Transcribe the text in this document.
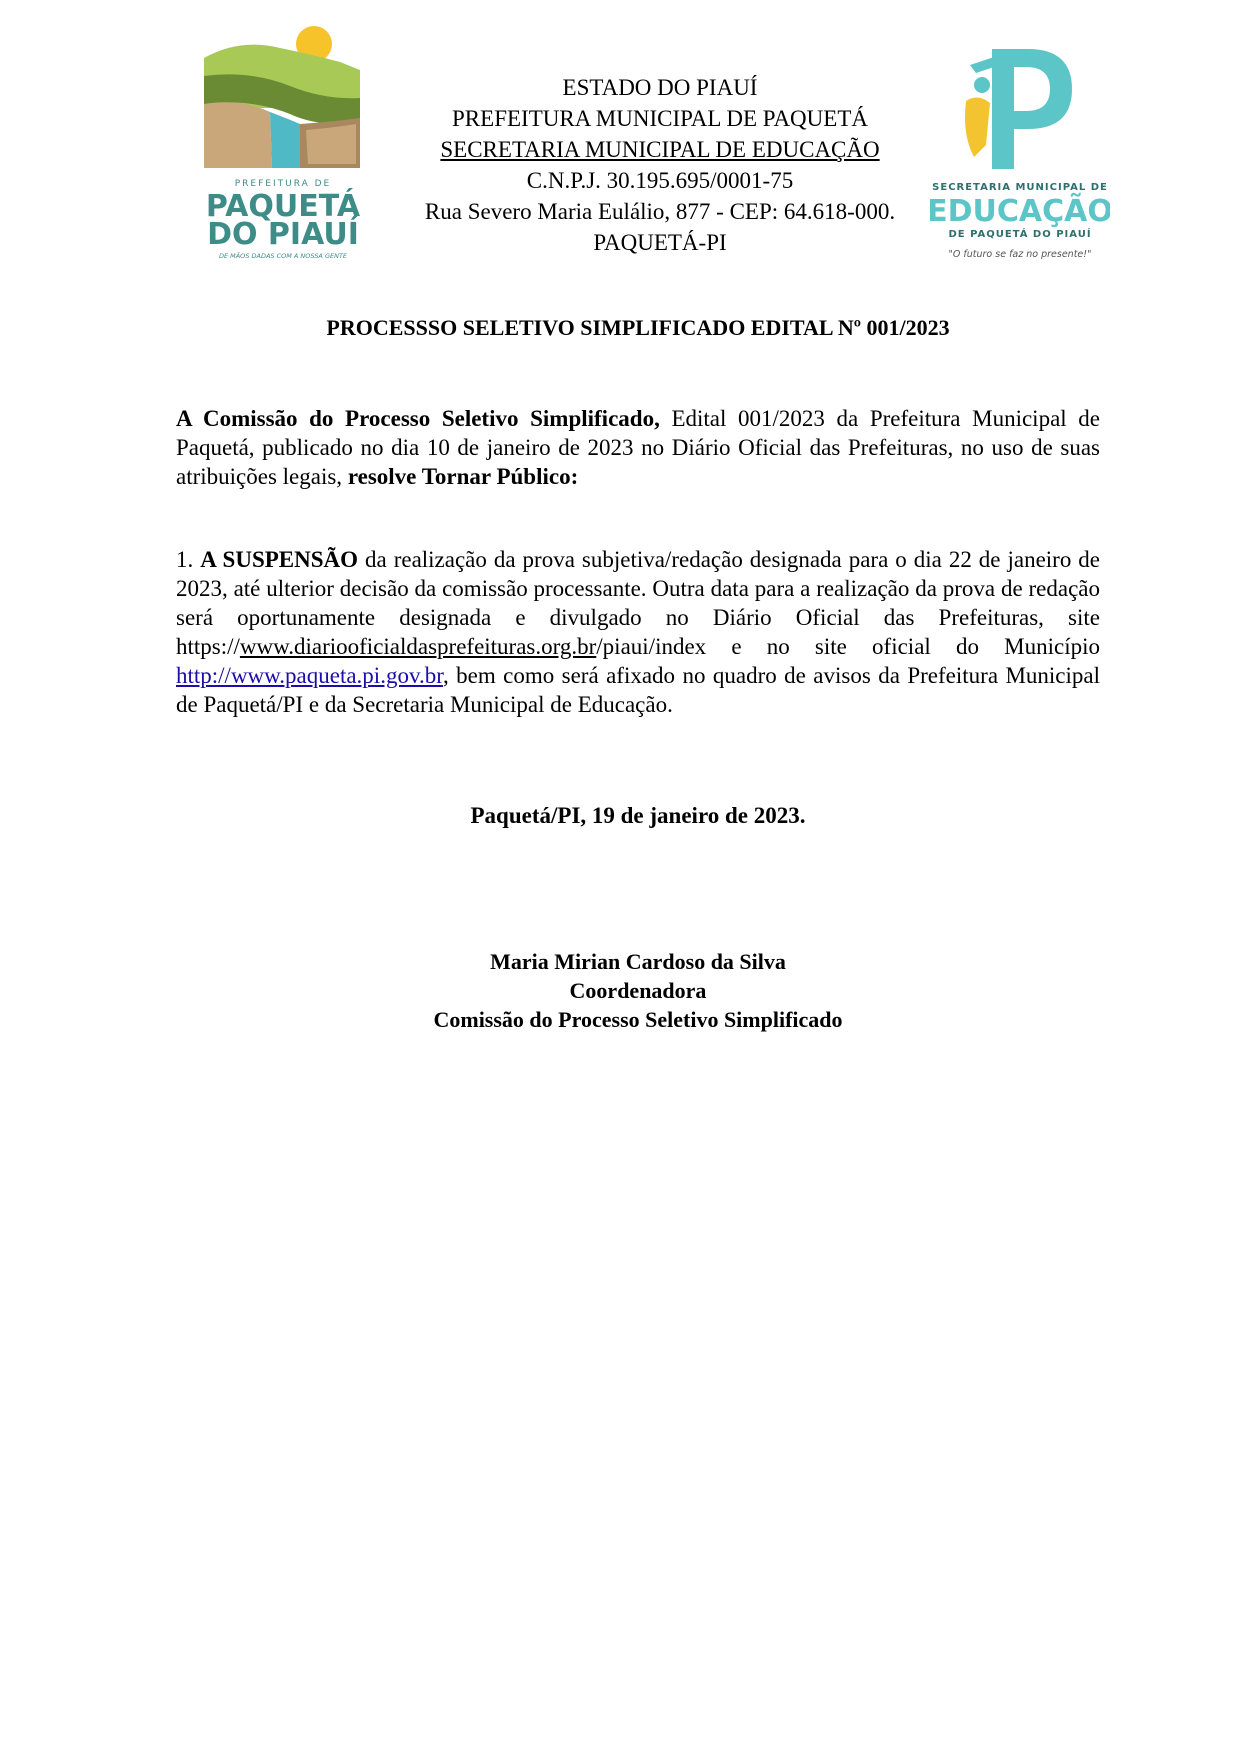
PREFEITURA DE
PAQUETÁ
DO PIAUÍ
DE MÃOS DADAS COM A NOSSA GENTE
ESTADO DO PIAUÍ
PREFEITURA MUNICIPAL DE PAQUETÁ
SECRETARIA MUNICIPAL DE EDUCAÇÃO
C.N.P.J. 30.195.695/0001-75
Rua Severo Maria Eulálio, 877 - CEP: 64.618-000.
PAQUETÁ-PI
SECRETARIA MUNICIPAL DE
EDUCAÇÃO
DE PAQUETÁ DO PIAUÍ
"O futuro se faz no presente!"
PROCESSSO SELETIVO SIMPLIFICADO EDITAL Nº 001/2023
A Comissão do Processo Seletivo Simplificado, Edital 001/2023 da Prefeitura Municipal de Paquetá, publicado no dia 10 de janeiro de 2023 no Diário Oficial das Prefeituras, no uso de suas atribuições legais, resolve Tornar Público:
1. A SUSPENSÃO da realização da prova subjetiva/redação designada para o dia 22 de janeiro de 2023, até ulterior decisão da comissão processante. Outra data para a realização da prova de redação será oportunamente designada e divulgado no Diário Oficial das Prefeituras, site https://www.diariooficialdasprefeituras.org.br/piaui/index e no site oficial do Município http://www.paqueta.pi.gov.br, bem como será afixado no quadro de avisos da Prefeitura Municipal de Paquetá/PI e da Secretaria Municipal de Educação.
Paquetá/PI, 19 de janeiro de 2023.
Maria Mirian Cardoso da Silva
Coordenadora
Comissão do Processo Seletivo Simplificado
